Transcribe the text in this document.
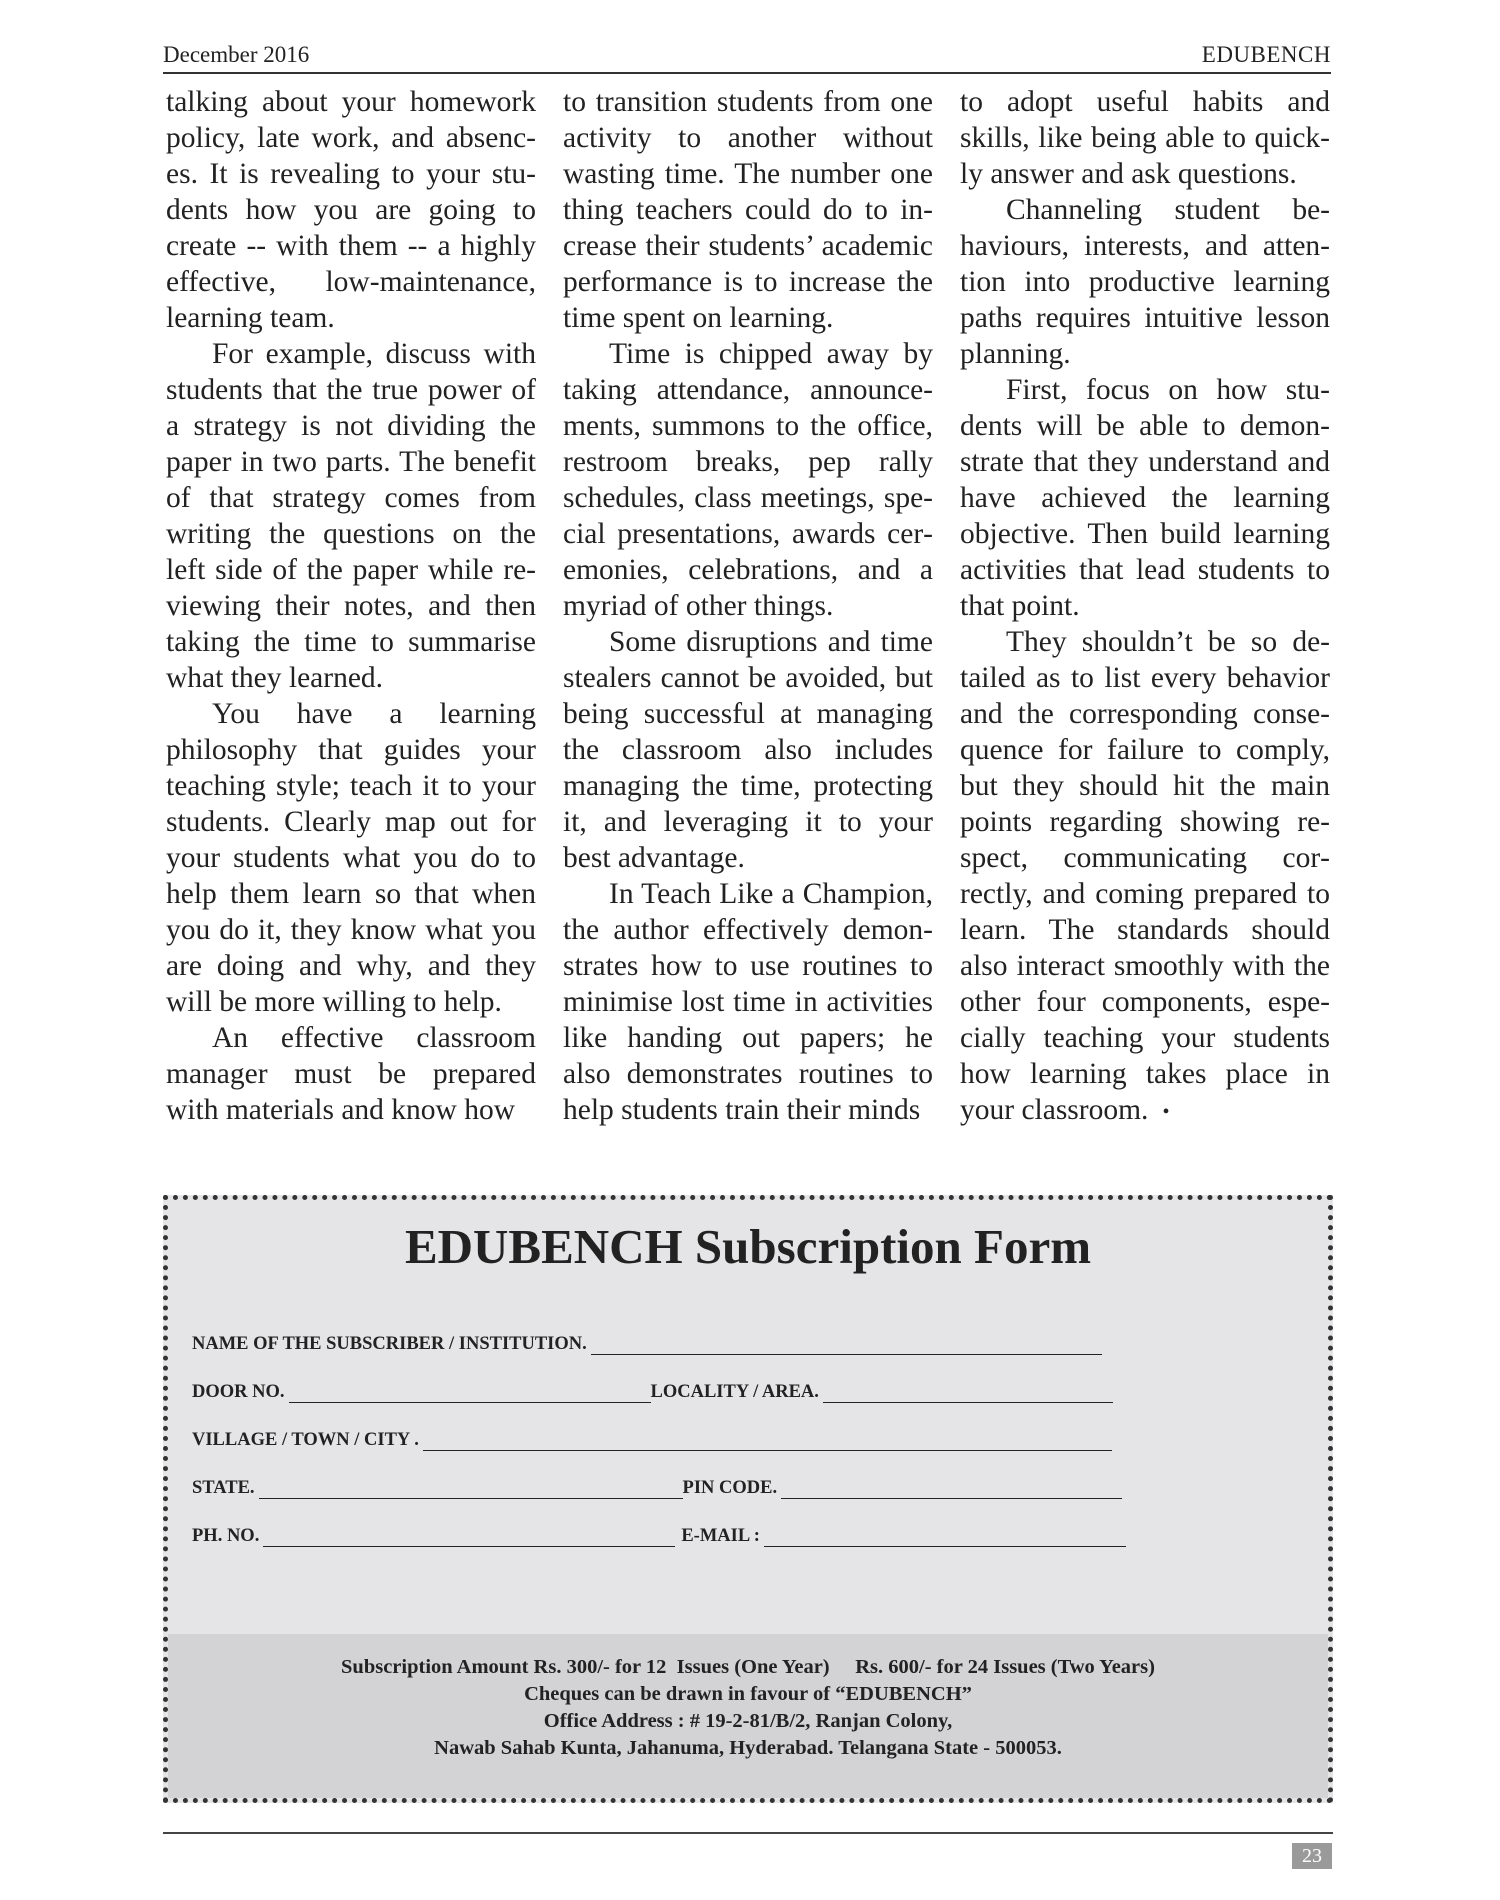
December 2016	EDUBENCH

talking about your homework policy, late work, and absences. It is revealing to your students how you are going to create -- with them -- a highly effective, low-maintenance, learning team.

For example, discuss with students that the true power of a strategy is not dividing the paper in two parts. The benefit of that strategy comes from writing the questions on the left side of the paper while reviewing their notes, and then taking the time to summarise what they learned.

You have a learning philosophy that guides your teaching style; teach it to your students. Clearly map out for your students what you do to help them learn so that when you do it, they know what you are doing and why, and they will be more willing to help.

An effective classroom manager must be prepared with materials and know how

to transition students from one activity to another without wasting time. The number one thing teachers could do to increase their students’ academic performance is to increase the time spent on learning.

Time is chipped away by taking attendance, announcements, summons to the office, restroom breaks, pep rally schedules, class meetings, special presentations, awards ceremonies, celebrations, and a myriad of other things.

Some disruptions and time stealers cannot be avoided, but being successful at managing the classroom also includes managing the time, protecting it, and leveraging it to your best advantage.

In Teach Like a Champion, the author effectively demonstrates how to use routines to minimise lost time in activities like handing out papers; he also demonstrates routines to help students train their minds

to adopt useful habits and skills, like being able to quickly answer and ask questions.

Channeling student behaviours, interests, and attention into productive learning paths requires intuitive lesson planning.

First, focus on how students will be able to demonstrate that they understand and have achieved the learning objective. Then build learning activities that lead students to that point.

They shouldn’t be so detailed as to list every behavior and the corresponding consequence for failure to comply, but they should hit the main points regarding showing respect, communicating correctly, and coming prepared to learn. The standards should also interact smoothly with the other four components, especially teaching your students how learning takes place in your classroom. •

EDUBENCH Subscription Form
NAME OF THE SUBSCRIBER / INSTITUTION.
DOOR NO.	LOCALITY / AREA.
VILLAGE / TOWN / CITY .
STATE.	PIN CODE.
PH. NO.	E-MAIL :
Subscription Amount Rs. 300/- for 12  Issues (One Year)     Rs. 600/- for 24 Issues (Two Years)
Cheques can be drawn in favour of “EDUBENCH”
Office Address : # 19-2-81/B/2, Ranjan Colony,
Nawab Sahab Kunta, Jahanuma, Hyderabad. Telangana State - 500053.
23
